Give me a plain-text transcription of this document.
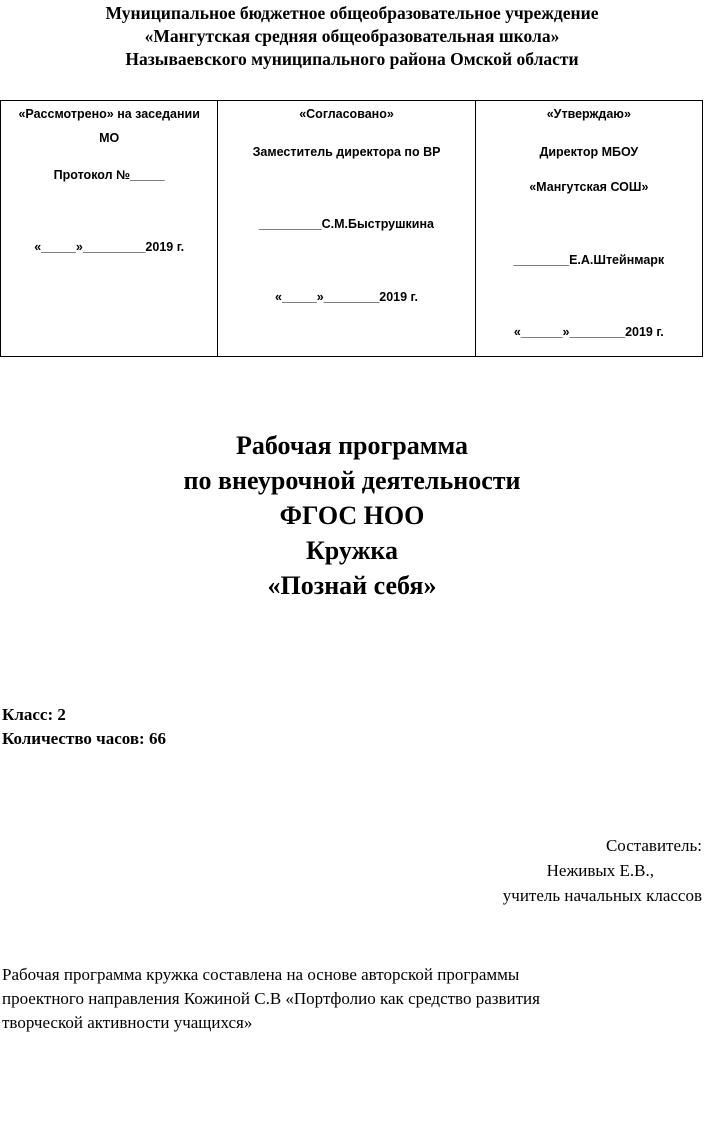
Муниципальное бюджетное общеобразовательное учреждение
«Мангутская средняя общеобразовательная школа»
Называевского муниципального района Омской области
«Рассмотрено» на заседании
МО
Протокол №_____
«_____»_________2019 г.
«Согласовано»
Заместитель директора по ВР
_________С.М.Быструшкина
«_____»________2019 г.
«Утверждаю»
Директор МБОУ
«Мангутская СОШ»
________Е.А.Штейнмарк
«______»________2019 г.
Рабочая программа
по внеурочной деятельности
ФГОС НОО
Кружка
«Познай себя»
Класс: 2
Количество часов: 66
Составитель:
Неживых Е.В.,
учитель начальных классов
Рабочая программа кружка составлена на основе авторской программы
проектного направления Кожиной С.В «Портфолио как средство развития
творческой активности учащихся»
